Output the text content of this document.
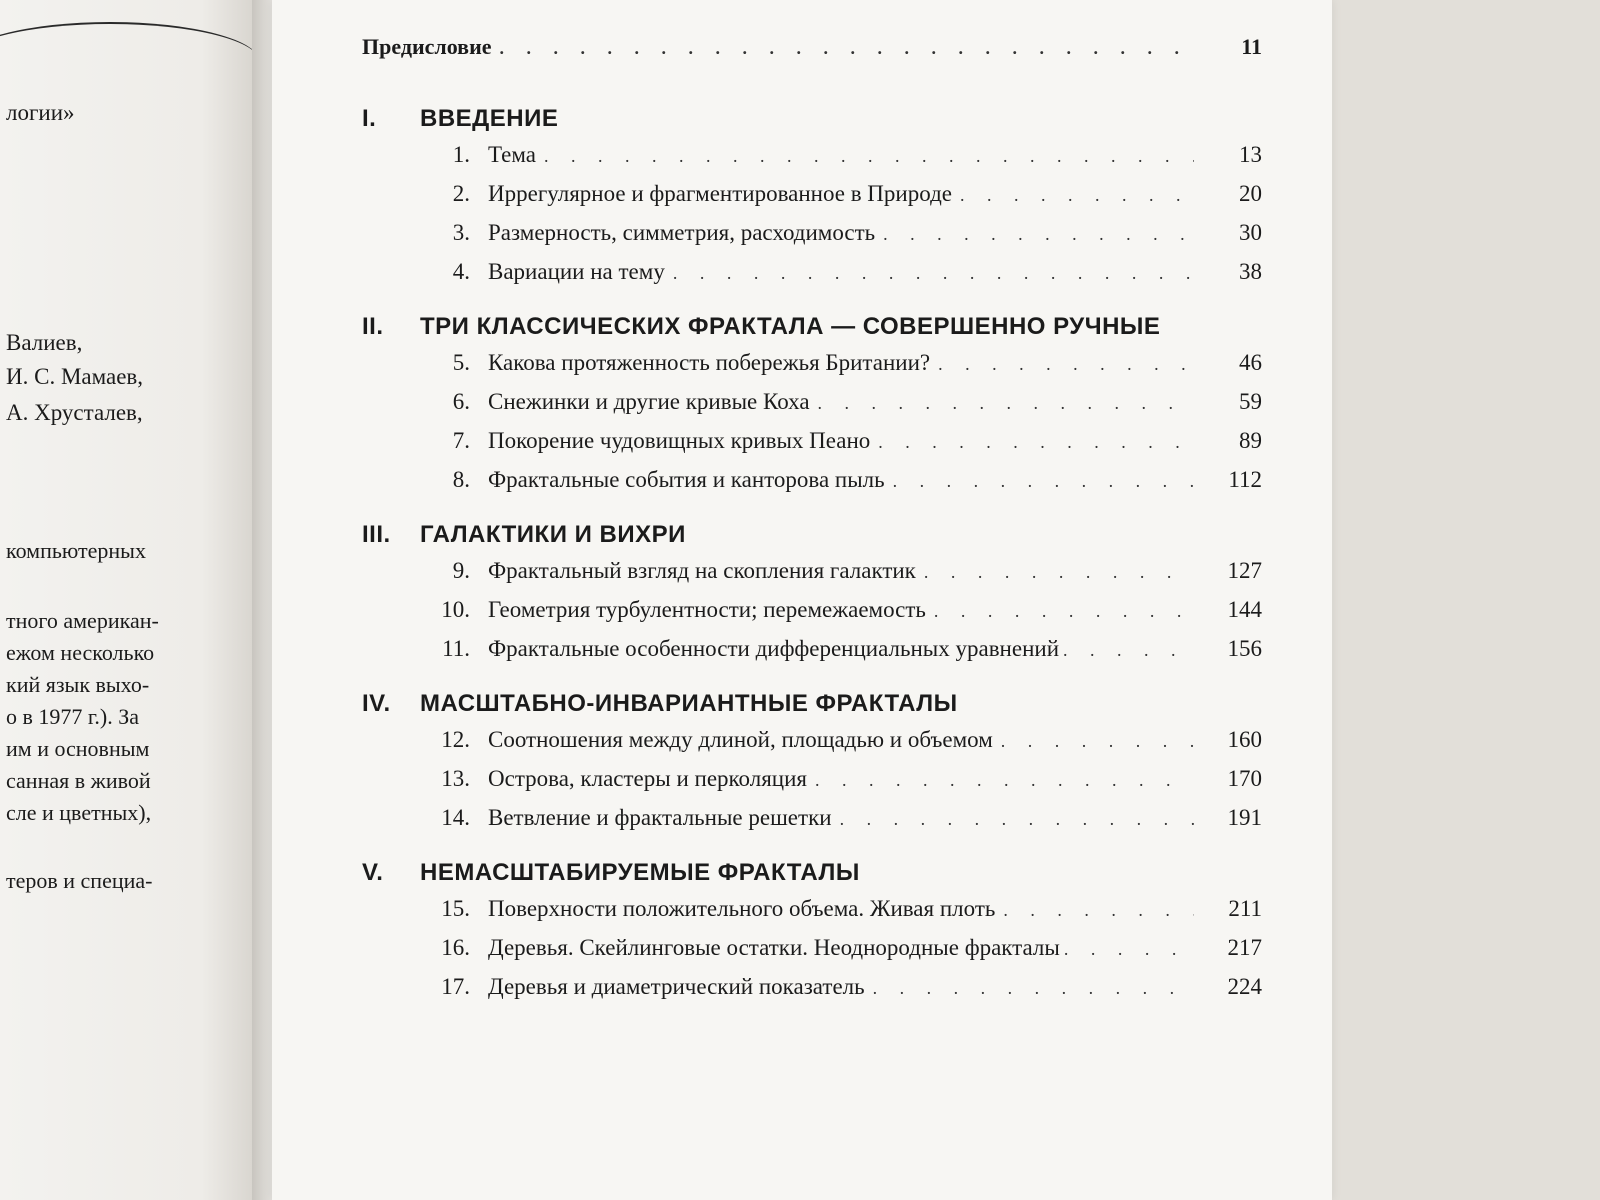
логии»
Валиев,
И. С. Мамаев,
А. Хрусталев,
компьютерных
тного американ-
ежом несколько
кий язык выхо-
о в 1977 г.). За
им и основным
санная в живой
сле и цветных),
теров и специа-
Предисловие . . .	11
I.	ВВЕДЕНИЕ
1. Тема . . .	13
2. Иррегулярное и фрагментированное в Природе . . .	20
3. Размерность, симметрия, расходимость . . .	30
4. Вариации на тему . . .	38
II.	ТРИ КЛАССИЧЕСКИХ ФРАКТАЛА — СОВЕРШЕННО РУЧНЫЕ
5. Какова протяженность побережья Британии? . . .	46
6. Снежинки и другие кривые Коха . . .	59
7. Покорение чудовищных кривых Пеано . . .	89
8. Фрактальные события и канторова пыль . . .	112
III.	ГАЛАКТИКИ И ВИХРИ
9. Фрактальный взгляд на скопления галактик . . .	127
10. Геометрия турбулентности; перемежаемость . . .	144
11. Фрактальные особенности дифференциальных уравнений . . .	156
IV.	МАСШТАБНО-ИНВАРИАНТНЫЕ ФРАКТАЛЫ
12. Соотношения между длиной, площадью и объемом . . .	160
13. Острова, кластеры и перколяция . . .	170
14. Ветвление и фрактальные решетки . . .	191
V.	НЕМАСШТАБИРУЕМЫЕ ФРАКТАЛЫ
15. Поверхности положительного объема. Живая плоть . . .	211
16. Деревья. Скейлинговые остатки. Неоднородные фракталы . . .	217
17. Деревья и диаметрический показатель . . .	224
